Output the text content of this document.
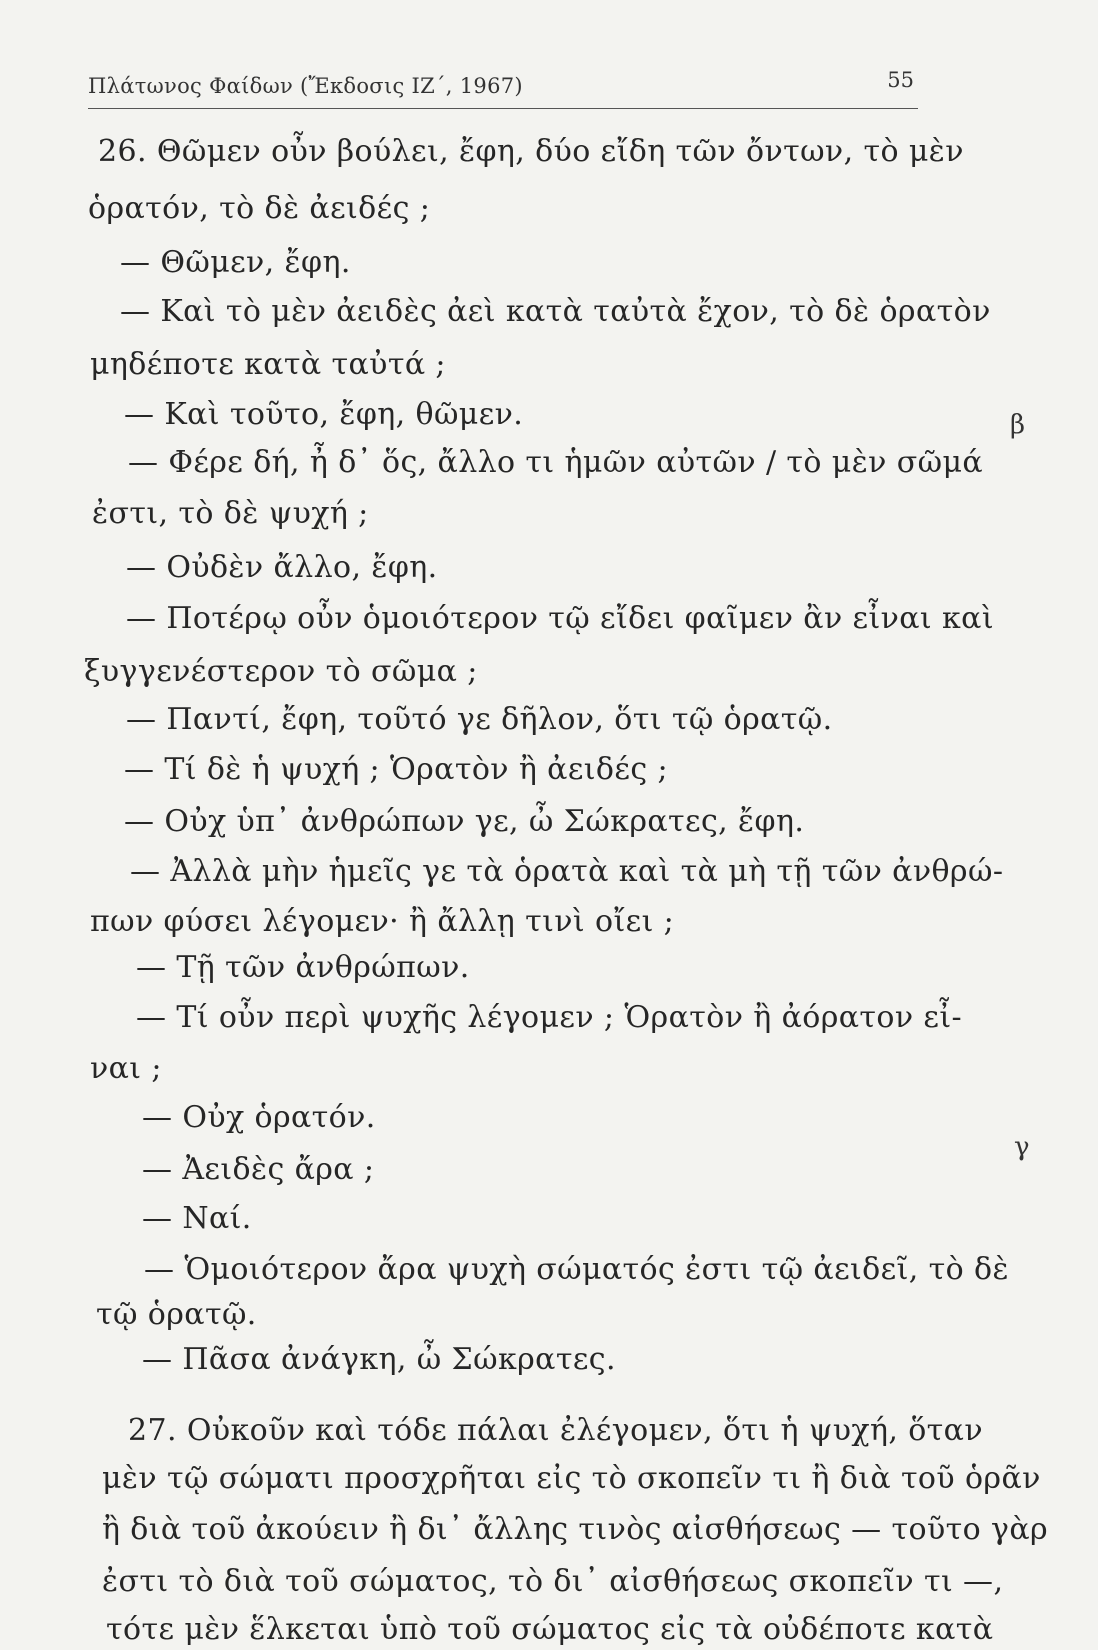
Πλάτωνος Φαίδων (Ἔκδοσις ΙΖ΄, 1967)	55
26. Θῶμεν οὖν βούλει, ἔφη, δύο εἴδη τῶν ὄντων, τὸ μὲν
ὁρατόν, τὸ δὲ ἀειδές ;
— Θῶμεν, ἔφη.
— Καὶ τὸ μὲν ἀειδὲς ἀεὶ κατὰ ταὐτὰ ἔχον, τὸ δὲ ὁρατὸν
μηδέποτε κατὰ ταὐτά ;
— Καὶ τοῦτο, ἔφη, θῶμεν.
— Φέρε δή, ἦ δ᾿ ὅς, ἄλλο τι ἡμῶν αὐτῶν / τὸ μὲν σῶμά
ἐστι, τὸ δὲ ψυχή ;
— Οὐδὲν ἄλλο, ἔφη.
— Ποτέρῳ οὖν ὁμοιότερον τῷ εἴδει φαῖμεν ἂν εἶναι καὶ
ξυγγενέστερον τὸ σῶμα ;
— Παντί, ἔφη, τοῦτό γε δῆλον, ὅτι τῷ ὁρατῷ.
— Τί δὲ ἡ ψυχή ; Ὁρατὸν ἢ ἀειδές ;
— Οὐχ ὑπ᾿ ἀνθρώπων γε, ὦ Σώκρατες, ἔφη.
— Ἀλλὰ μὴν ἡμεῖς γε τὰ ὁρατὰ καὶ τὰ μὴ τῇ τῶν ἀνθρώ-
πων φύσει λέγομεν· ἢ ἄλλῃ τινὶ οἴει ;
— Τῇ τῶν ἀνθρώπων.
— Τί οὖν περὶ ψυχῆς λέγομεν ; Ὁρατὸν ἢ ἀόρατον εἶ-
ναι ;
— Οὐχ ὁρατόν.
— Ἀειδὲς ἄρα ;
— Ναί.
— Ὁμοιότερον ἄρα ψυχὴ σώματός ἐστι τῷ ἀειδεῖ, τὸ δὲ
τῷ ὁρατῷ.
— Πᾶσα ἀνάγκη, ὦ Σώκρατες.
27. Οὐκοῦν καὶ τόδε πάλαι ἐλέγομεν, ὅτι ἡ ψυχή, ὅταν
μὲν τῷ σώματι προσχρῆται εἰς τὸ σκοπεῖν τι ἢ διὰ τοῦ ὁρᾶν
ἢ διὰ τοῦ ἀκούειν ἢ δι᾿ ἄλλης τινὸς αἰσθήσεως — τοῦτο γὰρ
ἐστι τὸ διὰ τοῦ σώματος, τὸ δι᾿ αἰσθήσεως σκοπεῖν τι —,
τότε μὲν ἕλκεται ὑπὸ τοῦ σώματος εἰς τὰ οὐδέποτε κατὰ
β
γ
